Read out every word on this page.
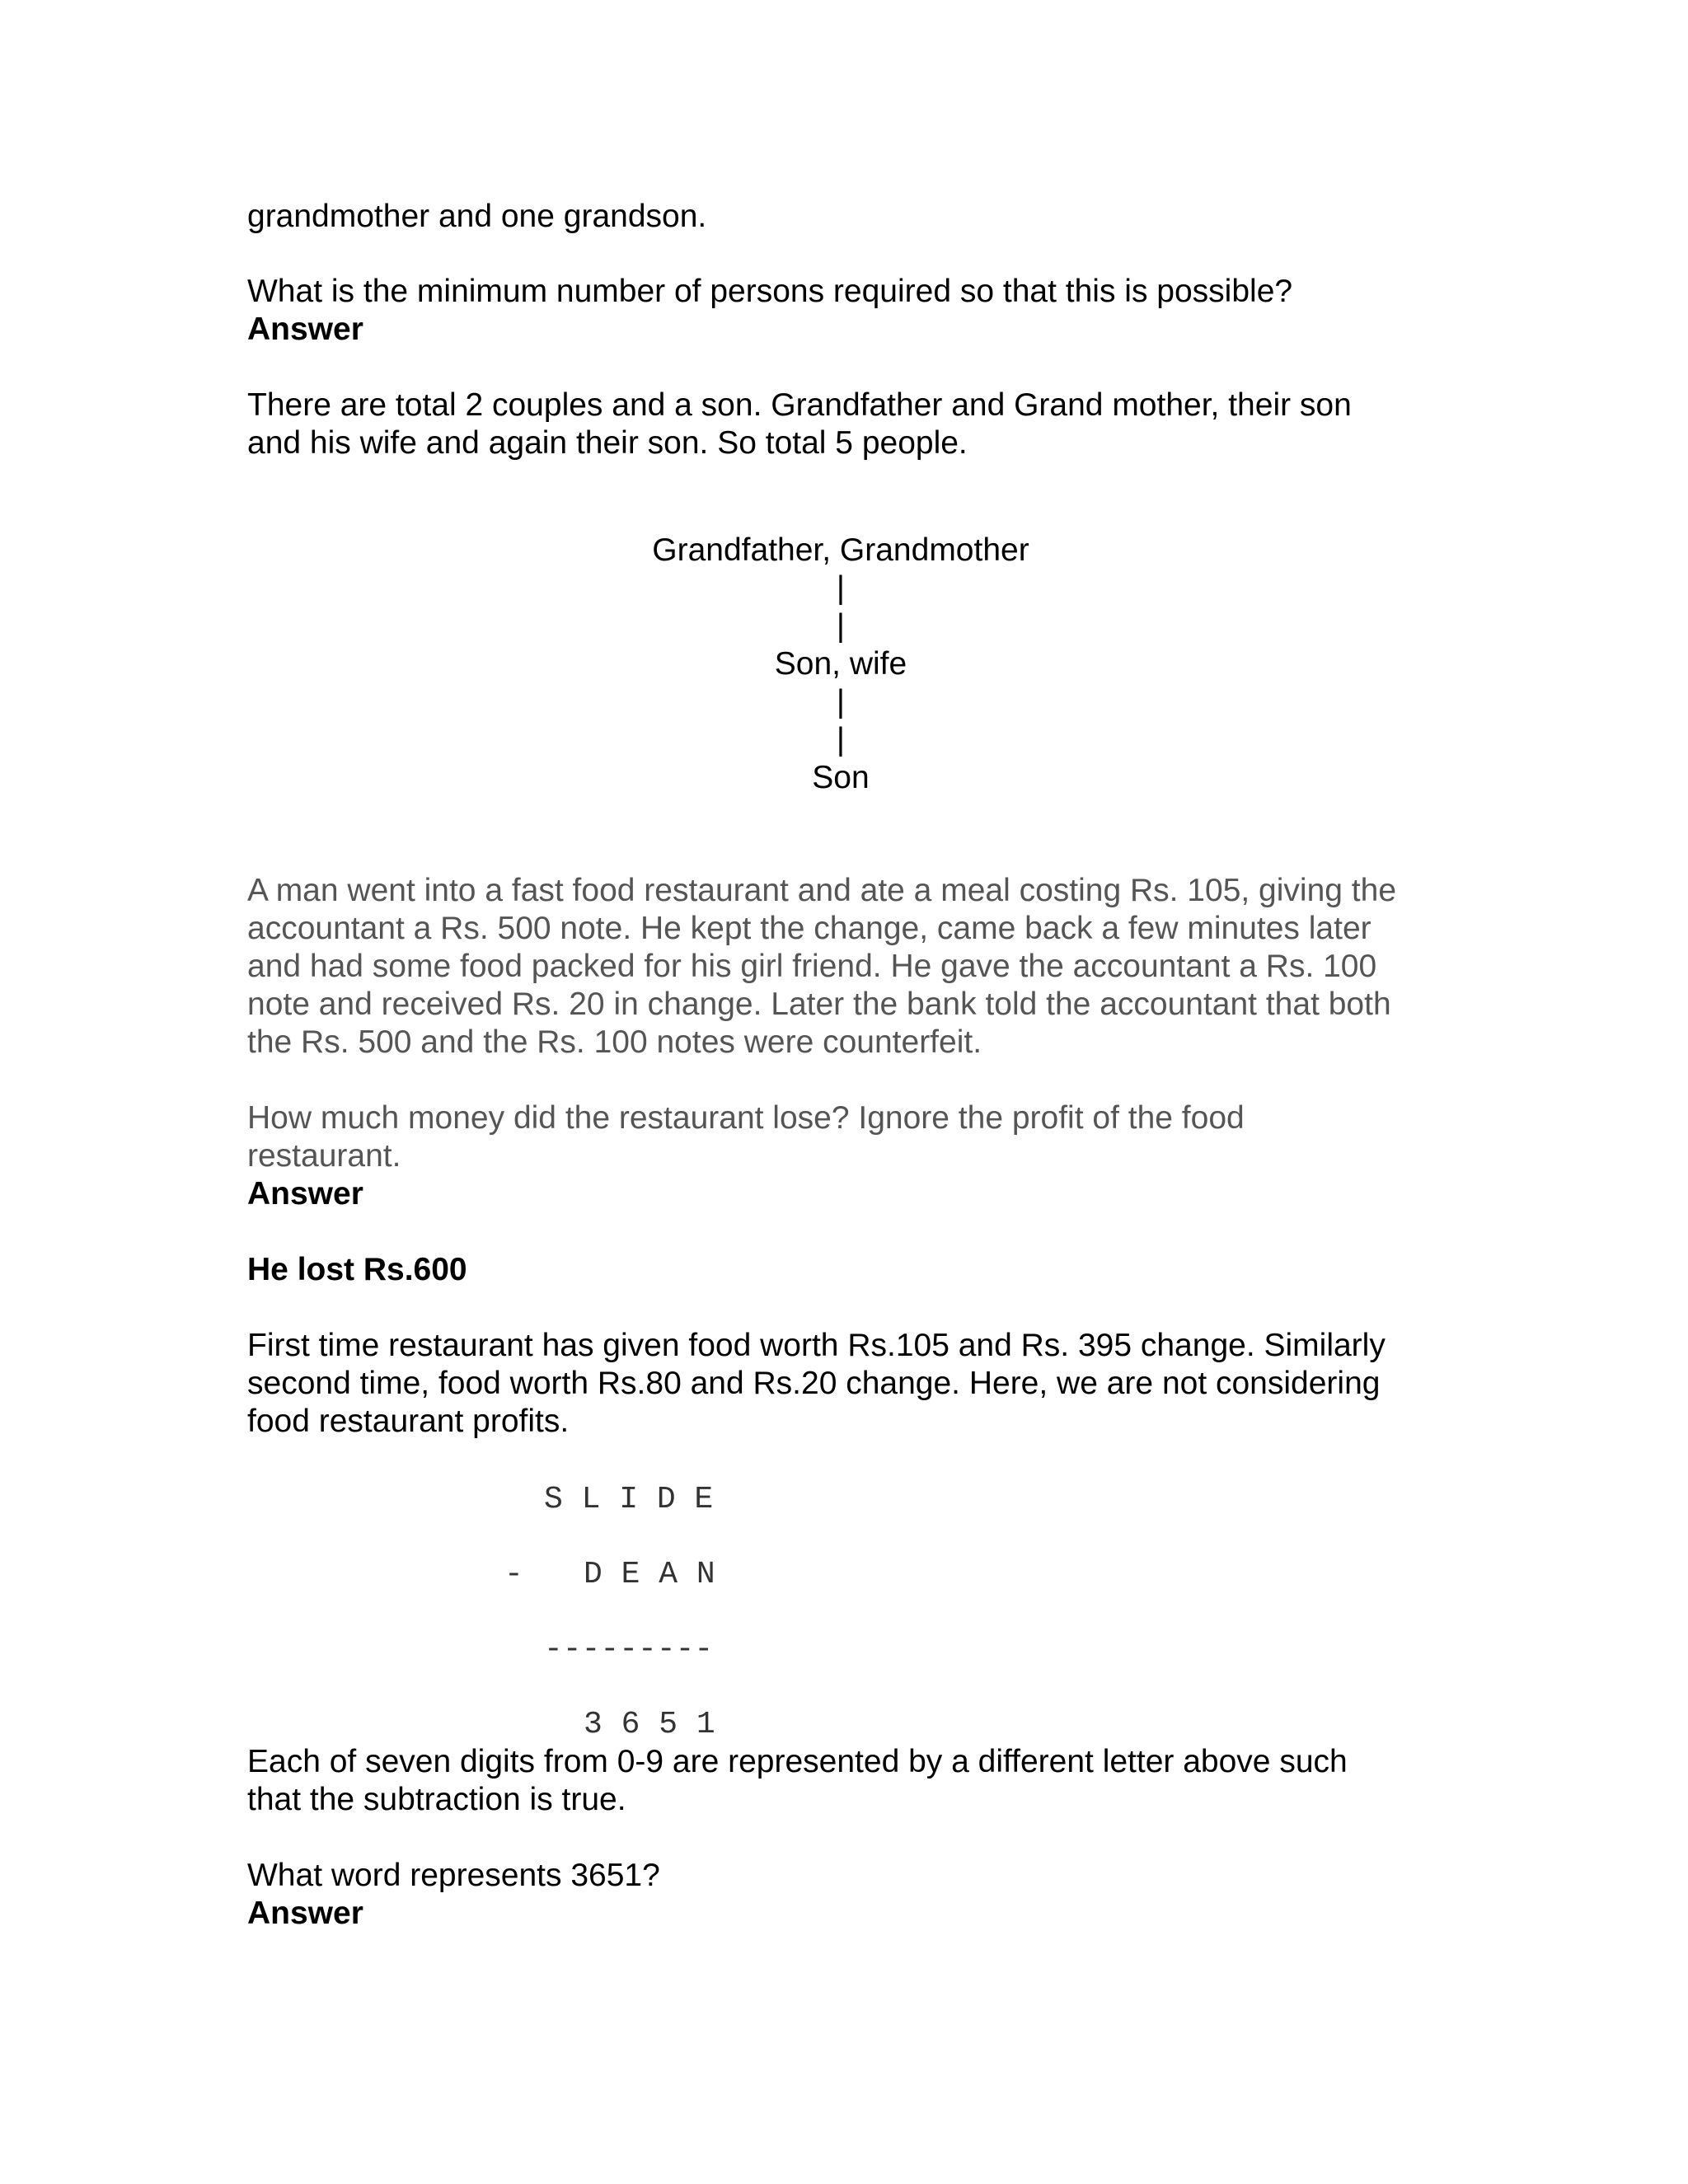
grandmother and one grandson.

What is the minimum number of persons required so that this is possible?

Answer

There are total 2 couples and a son. Grandfather and Grand mother, their son

and his wife and again their son. So total 5 people.

Grandfather, Grandmother

|

|

Son, wife

|

|

Son

A man went into a fast food restaurant and ate a meal costing Rs. 105, giving the

accountant a Rs. 500 note. He kept the change, came back a few minutes later

and had some food packed for his girl friend. He gave the accountant a Rs. 100

note and received Rs. 20 in change. Later the bank told the accountant that both

the Rs. 500 and the Rs. 100 notes were counterfeit.

How much money did the restaurant lose? Ignore the profit of the food

restaurant.

Answer

He lost Rs.600

First time restaurant has given food worth Rs.105 and Rs. 395 change. Similarly

second time, food worth Rs.80 and Rs.20 change. Here, we are not considering

food restaurant profits.

S L I D E

- D E A N

---------

3 6 5 1

Each of seven digits from 0-9 are represented by a different letter above such

that the subtraction is true.

What word represents 3651?

Answer
